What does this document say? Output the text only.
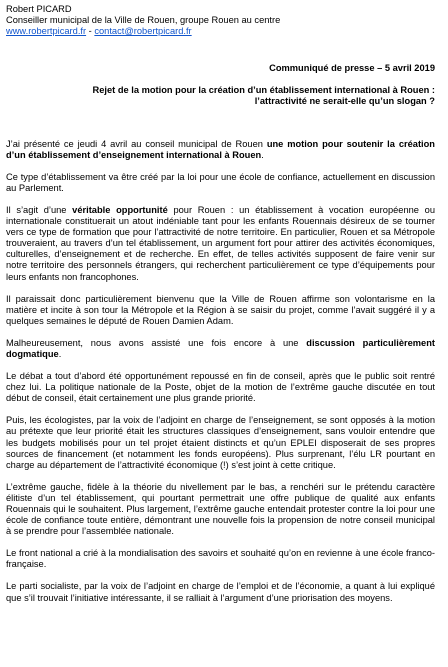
Robert PICARD
Conseiller municipal de la Ville de Rouen, groupe Rouen au centre
www.robertpicard.fr - contact@robertpicard.fr
Communiqué de presse – 5 avril 2019
Rejet de la motion pour la création d’un établissement international à Rouen :
l’attractivité ne serait-elle qu’un slogan ?

J’ai présenté ce jeudi 4 avril au conseil municipal de Rouen une motion pour soutenir la création d’un établissement d’enseignement international à Rouen.

Ce type d’établissement va être créé par la loi pour une école de confiance, actuellement en discussion au Parlement.

Il s’agit d’une véritable opportunité pour Rouen : un établissement à vocation européenne ou internationale constituerait un atout indéniable tant pour les enfants Rouennais désireux de se tourner vers ce type de formation que pour l’attractivité de notre territoire. En particulier, Rouen et sa Métropole trouveraient, au travers d’un tel établissement, un argument fort pour attirer des activités économiques, culturelles, d’enseignement et de recherche. En effet, de telles activités supposent de faire venir sur notre territoire des personnels étrangers, qui recherchent particulièrement ce type d’équipements pour leurs enfants non francophones.

Il paraissait donc particulièrement bienvenu que la Ville de Rouen affirme son volontarisme en la matière et incite à son tour la Métropole et la Région à se saisir du projet, comme l’avait suggéré il y a quelques semaines le député de Rouen Damien Adam.

Malheureusement, nous avons assisté une fois encore à une discussion particulièrement dogmatique.

Le débat a tout d’abord été opportunément repoussé en fin de conseil, après que le public soit rentré chez lui. La politique nationale de la Poste, objet de la motion de l’extrême gauche discutée en tout début de conseil, était certainement une plus grande priorité.

Puis, les écologistes, par la voix de l’adjoint en charge de l’enseignement, se sont opposés à la motion au prétexte que leur priorité était les structures classiques d’enseignement, sans vouloir entendre que les budgets mobilisés pour un tel projet étaient distincts et qu’un EPLEI disposerait de ses propres sources de financement (et notamment les fonds européens). Plus surprenant, l’élu LR pourtant en charge au département de l’attractivité économique (!) s’est joint à cette critique.

L’extrême gauche, fidèle à la théorie du nivellement par le bas, a renchéri sur le prétendu caractère élitiste d’un tel établissement, qui pourtant permettrait une offre publique de qualité aux enfants Rouennais qui le souhaitent. Plus largement, l’extrême gauche entendait protester contre la loi pour une école de confiance toute entière, démontrant une nouvelle fois la propension de notre conseil municipal à se prendre pour l’assemblée nationale.

Le front national a crié à la mondialisation des savoirs et souhaité qu’on en revienne à une école franco-française.

Le parti socialiste, par la voix de l’adjoint en charge de l’emploi et de l’économie, a quant à lui expliqué que s’il trouvait l’initiative intéressante, il se ralliait à l’argument d’une priorisation des moyens.
